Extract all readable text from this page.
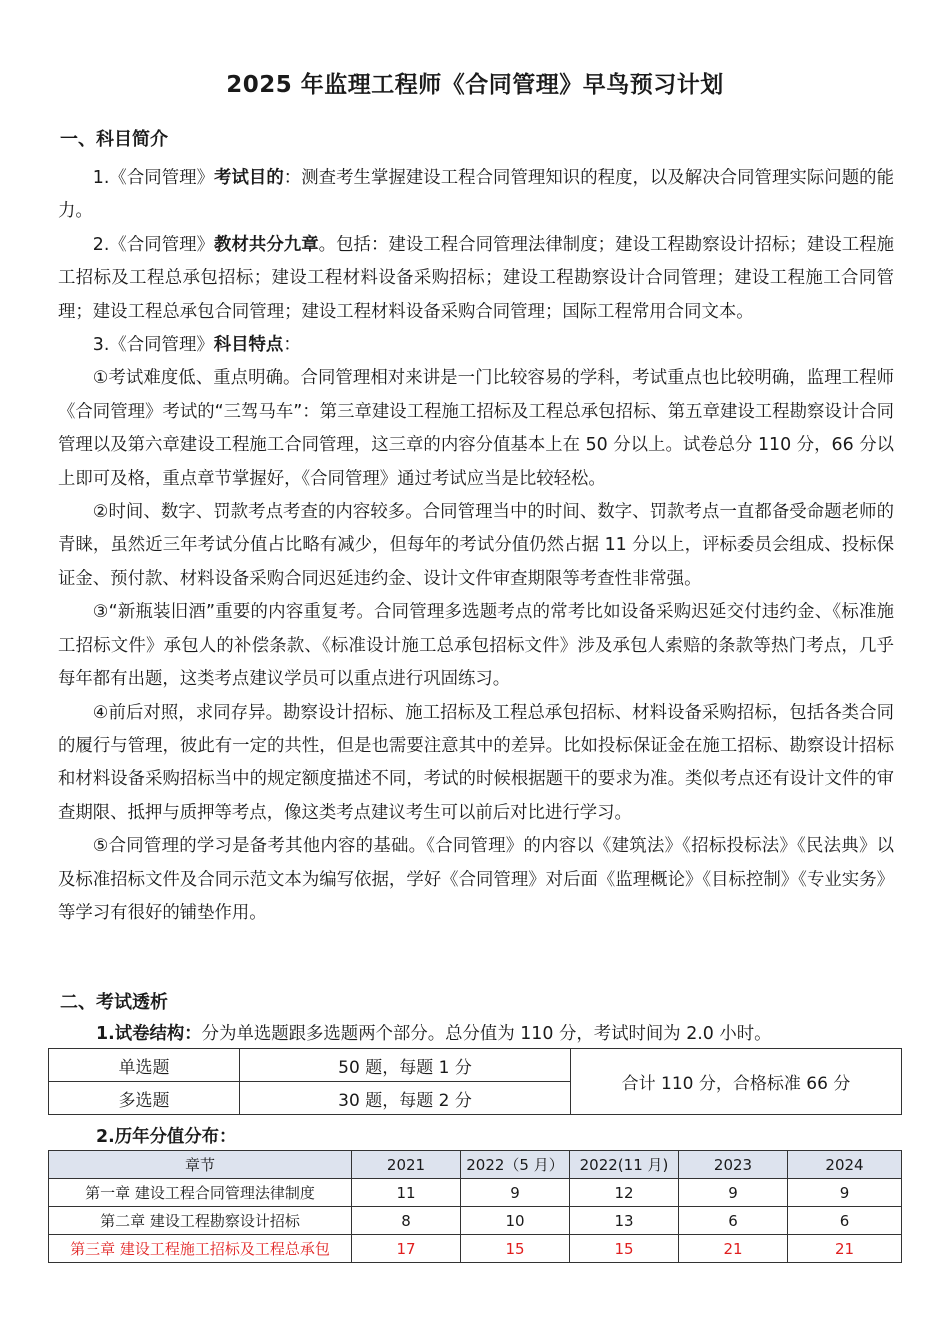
2025 年监理工程师《合同管理》早鸟预习计划
一、科目简介

1.《合同管理》考试目的：测查考生掌握建设工程合同管理知识的程度，以及解决合同管理实际问题的能力。

2.《合同管理》教材共分九章。包括：建设工程合同管理法律制度；建设工程勘察设计招标；建设工程施工招标及工程总承包招标；建设工程材料设备采购招标；建设工程勘察设计合同管理；建设工程施工合同管理；建设工程总承包合同管理；建设工程材料设备采购合同管理；国际工程常用合同文本。

3.《合同管理》科目特点：

①考试难度低、重点明确。合同管理相对来讲是一门比较容易的学科，考试重点也比较明确，监理工程师《合同管理》考试的“三驾马车”：第三章建设工程施工招标及工程总承包招标、第五章建设工程勘察设计合同管理以及第六章建设工程施工合同管理，这三章的内容分值基本上在 50 分以上。试卷总分 110 分，66 分以上即可及格，重点章节掌握好，《合同管理》通过考试应当是比较轻松。

②时间、数字、罚款考点考查的内容较多。合同管理当中的时间、数字、罚款考点一直都备受命题老师的青睐，虽然近三年考试分值占比略有减少，但每年的考试分值仍然占据 11 分以上，评标委员会组成、投标保证金、预付款、材料设备采购合同迟延违约金、设计文件审查期限等考查性非常强。

③“新瓶装旧酒”重要的内容重复考。合同管理多选题考点的常考比如设备采购迟延交付违约金、《标准施工招标文件》承包人的补偿条款、《标准设计施工总承包招标文件》涉及承包人索赔的条款等热门考点，几乎每年都有出题，这类考点建议学员可以重点进行巩固练习。

④前后对照，求同存异。勘察设计招标、施工招标及工程总承包招标、材料设备采购招标，包括各类合同的履行与管理，彼此有一定的共性，但是也需要注意其中的差异。比如投标保证金在施工招标、勘察设计招标和材料设备采购招标当中的规定额度描述不同，考试的时候根据题干的要求为准。类似考点还有设计文件的审查期限、抵押与质押等考点，像这类考点建议考生可以前后对比进行学习。

⑤合同管理的学习是备考其他内容的基础。《合同管理》的内容以《建筑法》《招标投标法》《民法典》以及标准招标文件及合同示范文本为编写依据，学好《合同管理》对后面《监理概论》《目标控制》《专业实务》等学习有很好的铺垫作用。

二、考试透析
1.试卷结构：分为单选题跟多选题两个部分。总分值为 110 分，考试时间为 2.0 小时。
单选题	50 题，每题 1 分	合计 110 分，合格标准 66 分
多选题	30 题，每题 2 分	
2.历年分值分布：
章节	2021	2022（5 月）	2022(11 月)	2023	2024
第一章 建设工程合同管理法律制度	11	9	12	9	9
第二章 建设工程勘察设计招标	8	10	13	6	6
第三章 建设工程施工招标及工程总承包	17	15	15	21	21
